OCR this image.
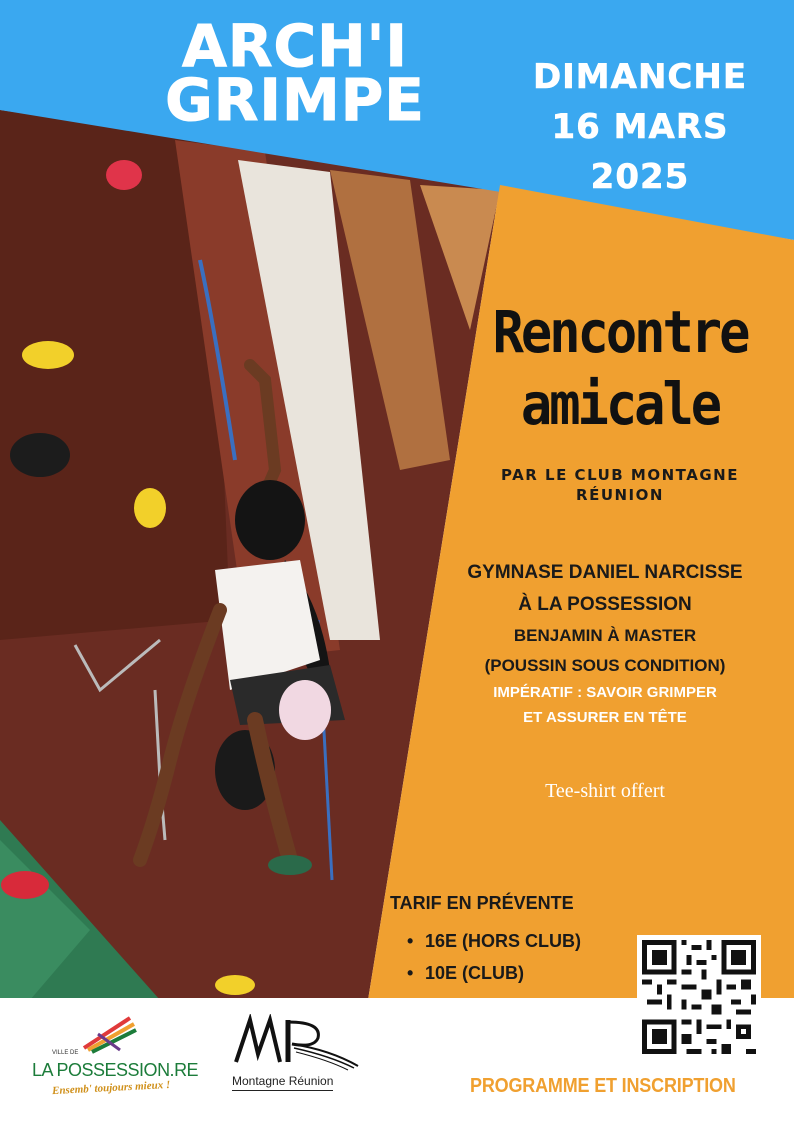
ARCH'I
GRIMPE	DIMANCHE
16 MARS
2025
Rencontre
amicale
PAR LE CLUB MONTAGNE
RÉUNION
GYMNASE DANIEL NARCISSE
À LA POSSESSION
BENJAMIN À MASTER
(POUSSIN SOUS CONDITION)
IMPÉRATIF : SAVOIR GRIMPER
ET ASSURER EN TÊTE
Tee-shirt offert
TARIF EN PRÉVENTE
• 16E (HORS CLUB)
• 10E (CLUB)
VILLE DE
LA POSSESSION.RE
Ensemb' toujours mieux !	Montagne Réunion	PROGRAMME ET INSCRIPTION
